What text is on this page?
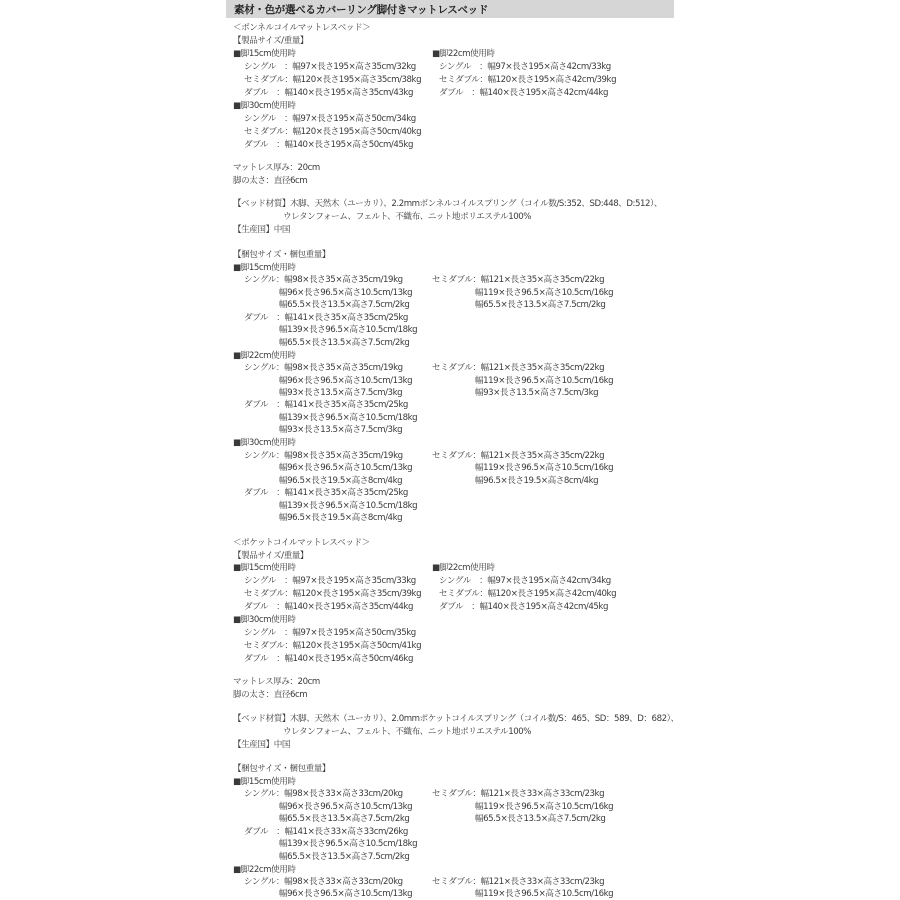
素材・色が選べるカバーリング脚付きマットレスベッド
＜ボンネルコイルマットレスベッド＞
【製品サイズ/重量】
■脚15cm使用時
シングル　：幅97×長さ195×高さ35cm/32kg
セミダブル：幅120×長さ195×高さ35cm/38kg
ダブル　：幅140×長さ195×高さ35cm/43kg
■脚22cm使用時
シングル　：幅97×長さ195×高さ42cm/33kg
セミダブル：幅120×長さ195×高さ42cm/39kg
ダブル　：幅140×長さ195×高さ42cm/44kg
■脚30cm使用時
シングル　：幅97×長さ195×高さ50cm/34kg
セミダブル：幅120×長さ195×高さ50cm/40kg
ダブル　：幅140×長さ195×高さ50cm/45kg
マットレス厚み：20cm
脚の太さ：直径6cm
【ベッド材質】木脚、天然木（ユーカリ）、2.2mmボンネルコイルスプリング（コイル数/S:352、SD:448、D:512）、
ウレタンフォーム、フェルト、不織布、ニット地ポリエステル100%
【生産国】中国
【梱包サイズ・梱包重量】
■脚15cm使用時
シングル：幅98×長さ35×高さ35cm/19kg
幅96×長さ96.5×高さ10.5cm/13kg
幅65.5×長さ13.5×高さ7.5cm/2kg
ダブル　：幅141×長さ35×高さ35cm/25kg
幅139×長さ96.5×高さ10.5cm/18kg
幅65.5×長さ13.5×高さ7.5cm/2kg
セミダブル：幅121×長さ35×高さ35cm/22kg
幅119×長さ96.5×高さ10.5cm/16kg
幅65.5×長さ13.5×高さ7.5cm/2kg
■脚22cm使用時
シングル：幅98×長さ35×高さ35cm/19kg
幅96×長さ96.5×高さ10.5cm/13kg
幅93×長さ13.5×高さ7.5cm/3kg
ダブル　：幅141×長さ35×高さ35cm/25kg
幅139×長さ96.5×高さ10.5cm/18kg
幅93×長さ13.5×高さ7.5cm/3kg
セミダブル：幅121×長さ35×高さ35cm/22kg
幅119×長さ96.5×高さ10.5cm/16kg
幅93×長さ13.5×高さ7.5cm/3kg
■脚30cm使用時
シングル：幅98×長さ35×高さ35cm/19kg
幅96×長さ96.5×高さ10.5cm/13kg
幅96.5×長さ19.5×高さ8cm/4kg
ダブル　：幅141×長さ35×高さ35cm/25kg
幅139×長さ96.5×高さ10.5cm/18kg
幅96.5×長さ19.5×高さ8cm/4kg
セミダブル：幅121×長さ35×高さ35cm/22kg
幅119×長さ96.5×高さ10.5cm/16kg
幅96.5×長さ19.5×高さ8cm/4kg
＜ポケットコイルマットレスベッド＞
【製品サイズ/重量】
■脚15cm使用時
シングル　：幅97×長さ195×高さ35cm/33kg
セミダブル：幅120×長さ195×高さ35cm/39kg
ダブル　：幅140×長さ195×高さ35cm/44kg
■脚22cm使用時
シングル　：幅97×長さ195×高さ42cm/34kg
セミダブル：幅120×長さ195×高さ42cm/40kg
ダブル　：幅140×長さ195×高さ42cm/45kg
■脚30cm使用時
シングル　：幅97×長さ195×高さ50cm/35kg
セミダブル：幅120×長さ195×高さ50cm/41kg
ダブル　：幅140×長さ195×高さ50cm/46kg
マットレス厚み：20cm
脚の太さ：直径6cm
【ベッド材質】木脚、天然木（ユーカリ）、2.0mmポケットコイルスプリング（コイル数/S：465、SD：589、D：682）、
ウレタンフォーム、フェルト、不織布、ニット地ポリエステル100%
【生産国】中国
【梱包サイズ・梱包重量】
■脚15cm使用時
シングル：幅98×長さ33×高さ33cm/20kg
幅96×長さ96.5×高さ10.5cm/13kg
幅65.5×長さ13.5×高さ7.5cm/2kg
ダブル　：幅141×長さ33×高さ33cm/26kg
幅139×長さ96.5×高さ10.5cm/18kg
幅65.5×長さ13.5×高さ7.5cm/2kg
セミダブル：幅121×長さ33×高さ33cm/23kg
幅119×長さ96.5×高さ10.5cm/16kg
幅65.5×長さ13.5×高さ7.5cm/2kg
■脚22cm使用時
シングル：幅98×長さ33×高さ33cm/20kg
幅96×長さ96.5×高さ10.5cm/13kg
セミダブル：幅121×長さ33×高さ33cm/23kg
幅119×長さ96.5×高さ10.5cm/16kg
